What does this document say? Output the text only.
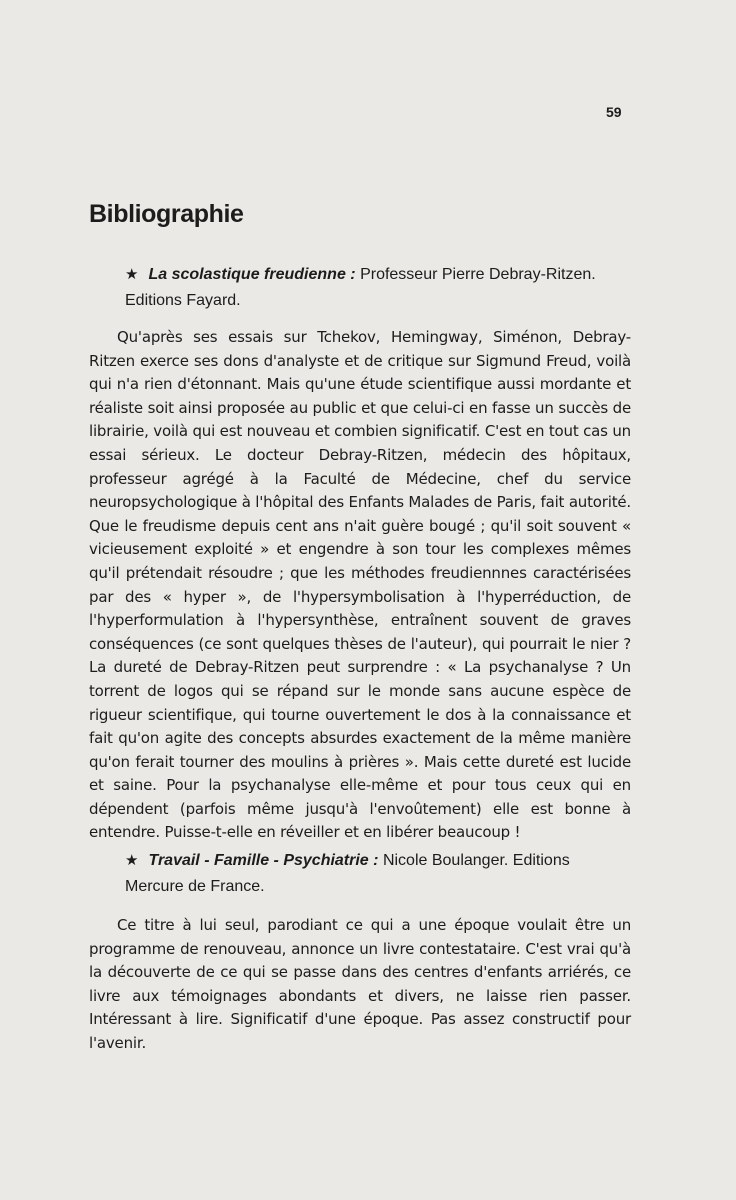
59
Bibliographie

★ La scolastique freudienne : Professeur Pierre Debray-Ritzen. Editions Fayard.

Qu'après ses essais sur Tchekov, Hemingway, Siménon, Debray-Ritzen exerce ses dons d'analyste et de critique sur Sigmund Freud, voilà qui n'a rien d'étonnant. Mais qu'une étude scientifique aussi mordante et réaliste soit ainsi proposée au public et que celui-ci en fasse un succès de librairie, voilà qui est nouveau et combien significatif. C'est en tout cas un essai sérieux. Le docteur Debray-Ritzen, médecin des hôpitaux, professeur agrégé à la Faculté de Médecine, chef du service neuropsychologique à l'hôpital des Enfants Malades de Paris, fait autorité. Que le freudisme depuis cent ans n'ait guère bougé ; qu'il soit souvent « vicieusement exploité » et engendre à son tour les complexes mêmes qu'il prétendait résoudre ; que les méthodes freudiennnes caractérisées par des « hyper », de l'hypersymbolisation à l'hyperréduction, de l'hyperformulation à l'hypersynthèse, entraînent souvent de graves conséquences (ce sont quelques thèses de l'auteur), qui pourrait le nier ? La dureté de Debray-Ritzen peut surprendre : « La psychanalyse ? Un torrent de logos qui se répand sur le monde sans aucune espèce de rigueur scientifique, qui tourne ouvertement le dos à la connaissance et fait qu'on agite des concepts absurdes exactement de la même manière qu'on ferait tourner des moulins à prières ». Mais cette dureté est lucide et saine. Pour la psychanalyse elle-même et pour tous ceux qui en dépendent (parfois même jusqu'à l'envoûtement) elle est bonne à entendre. Puisse-t-elle en réveiller et en libérer beaucoup !

★ Travail - Famille - Psychiatrie : Nicole Boulanger. Editions Mercure de France.

Ce titre à lui seul, parodiant ce qui a une époque voulait être un programme de renouveau, annonce un livre contestataire. C'est vrai qu'à la découverte de ce qui se passe dans des centres d'enfants arriérés, ce livre aux témoignages abondants et divers, ne laisse rien passer. Intéressant à lire. Significatif d'une époque. Pas assez constructif pour l'avenir.
